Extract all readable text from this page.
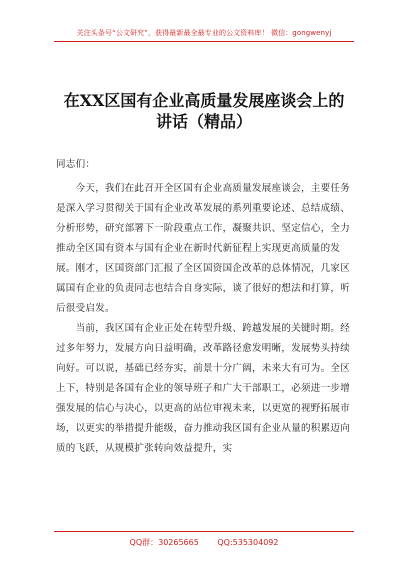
关注头条号“公文研究”，获得最新最全最专业的公文资料库！ 微信：gongwenyj
在XX区国有企业高质量发展座谈会上的
讲话（精品）
同志们：

　　今天，我们在此召开全区国有企业高质量发展座谈会，主要任务是深入学习贯彻关于国有企业改革发展的系列重要论述、总结成绩、分析形势，研究部署下一阶段重点工作，凝聚共识、坚定信心，全力推动全区国有资本与国有企业在新时代新征程上实现更高质量的发展。刚才，区国资部门汇报了全区国资国企改革的总体情况，几家区属国有企业的负责同志也结合自身实际，谈了很好的想法和打算，听后很受启发。

　　当前，我区国有企业正处在转型升级、跨越发展的关键时期。经过多年努力，发展方向日益明确，改革路径愈发明晰，发展势头持续向好。可以说，基础已经夯实，前景十分广阔，未来大有可为。全区上下，特别是各国有企业的领导班子和广大干部职工，必须进一步增强发展的信心与决心，以更高的站位审视未来，以更宽的视野拓展市场，以更实的举措提升能级，奋力推动我区国有企业从量的积累迈向质的飞跃，从规模扩张转向效益提升，实

QQ群：30265665 QQ:535304092
